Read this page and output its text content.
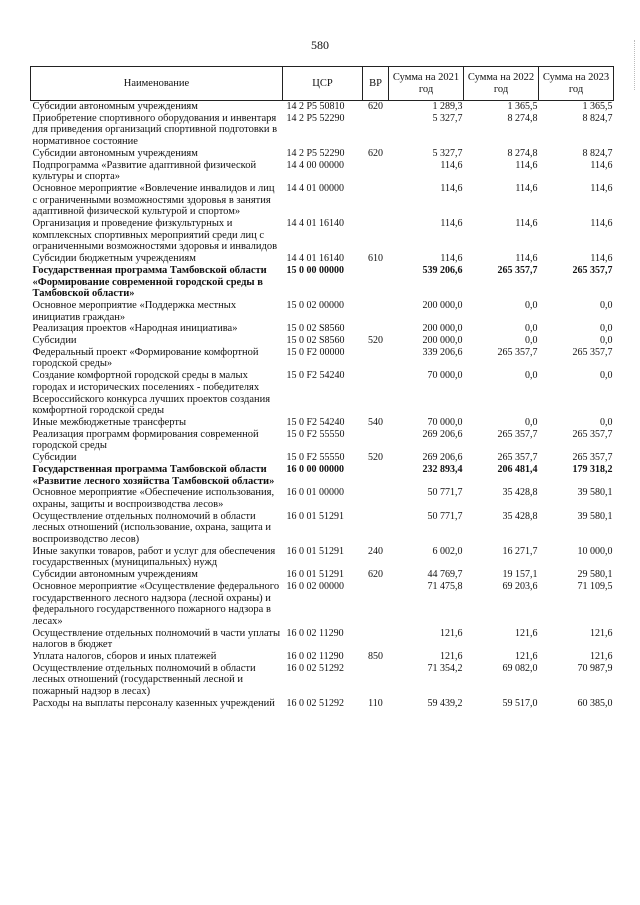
580
Наименование	ЦСР	ВР	Сумма на 2021 год	Сумма на 2022 год	Сумма на 2023 год
Субсидии автономным учреждениям	14 2 P5 50810	620	1 289,3	1 365,5	1 365,5
Приобретение спортивного оборудования и инвентаря для приведения организаций спортивной подготовки в нормативное состояние	14 2 P5 52290		5 327,7	8 274,8	8 824,7
Субсидии автономным учреждениям	14 2 P5 52290	620	5 327,7	8 274,8	8 824,7
Подпрограмма «Развитие адаптивной физической культуры и спорта»	14 4 00 00000		114,6	114,6	114,6
Основное мероприятие «Вовлечение инвалидов и лиц с ограниченными возможностями здоровья в занятия адаптивной физической культурой и спортом»	14 4 01 00000		114,6	114,6	114,6
Организация и проведение физкультурных и комплексных спортивных мероприятий среди лиц с ограниченными возможностями здоровья и инвалидов	14 4 01 16140		114,6	114,6	114,6
Субсидии бюджетным учреждениям	14 4 01 16140	610	114,6	114,6	114,6
Государственная программа Тамбовской области «Формирование современной городской среды в Тамбовской области»	15 0 00 00000		539 206,6	265 357,7	265 357,7
Основное мероприятие «Поддержка местных инициатив граждан»	15 0 02 00000		200 000,0	0,0	0,0
Реализация проектов «Народная инициатива»	15 0 02 S8560		200 000,0	0,0	0,0
Субсидии	15 0 02 S8560	520	200 000,0	0,0	0,0
Федеральный проект «Формирование комфортной городской среды»	15 0 F2 00000		339 206,6	265 357,7	265 357,7
Создание комфортной городской среды в малых городах и исторических поселениях - победителях Всероссийского конкурса лучших проектов создания комфортной городской среды	15 0 F2 54240		70 000,0	0,0	0,0
Иные межбюджетные трансферты	15 0 F2 54240	540	70 000,0	0,0	0,0
Реализация программ формирования современной городской среды	15 0 F2 55550		269 206,6	265 357,7	265 357,7
Субсидии	15 0 F2 55550	520	269 206,6	265 357,7	265 357,7
Государственная программа Тамбовской области «Развитие лесного хозяйства Тамбовской области»	16 0 00 00000		232 893,4	206 481,4	179 318,2
Основное мероприятие «Обеспечение использования, охраны, защиты и воспроизводства лесов»	16 0 01 00000		50 771,7	35 428,8	39 580,1
Осуществление отдельных полномочий в области лесных отношений (использование, охрана, защита и воспроизводство лесов)	16 0 01 51291		50 771,7	35 428,8	39 580,1
Иные закупки товаров, работ и услуг для обеспечения государственных (муниципальных) нужд	16 0 01 51291	240	6 002,0	16 271,7	10 000,0
Субсидии автономным учреждениям	16 0 01 51291	620	44 769,7	19 157,1	29 580,1
Основное мероприятие «Осуществление федерального государственного лесного надзора (лесной охраны) и федерального государственного пожарного надзора в лесах»	16 0 02 00000		71 475,8	69 203,6	71 109,5
Осуществление отдельных полномочий в части уплаты налогов в бюджет	16 0 02 11290		121,6	121,6	121,6
Уплата налогов, сборов и иных платежей	16 0 02 11290	850	121,6	121,6	121,6
Осуществление отдельных полномочий в области лесных отношений (государственный лесной и пожарный надзор в лесах)	16 0 02 51292		71 354,2	69 082,0	70 987,9
Расходы на выплаты персоналу казенных учреждений	16 0 02 51292	110	59 439,2	59 517,0	60 385,0
